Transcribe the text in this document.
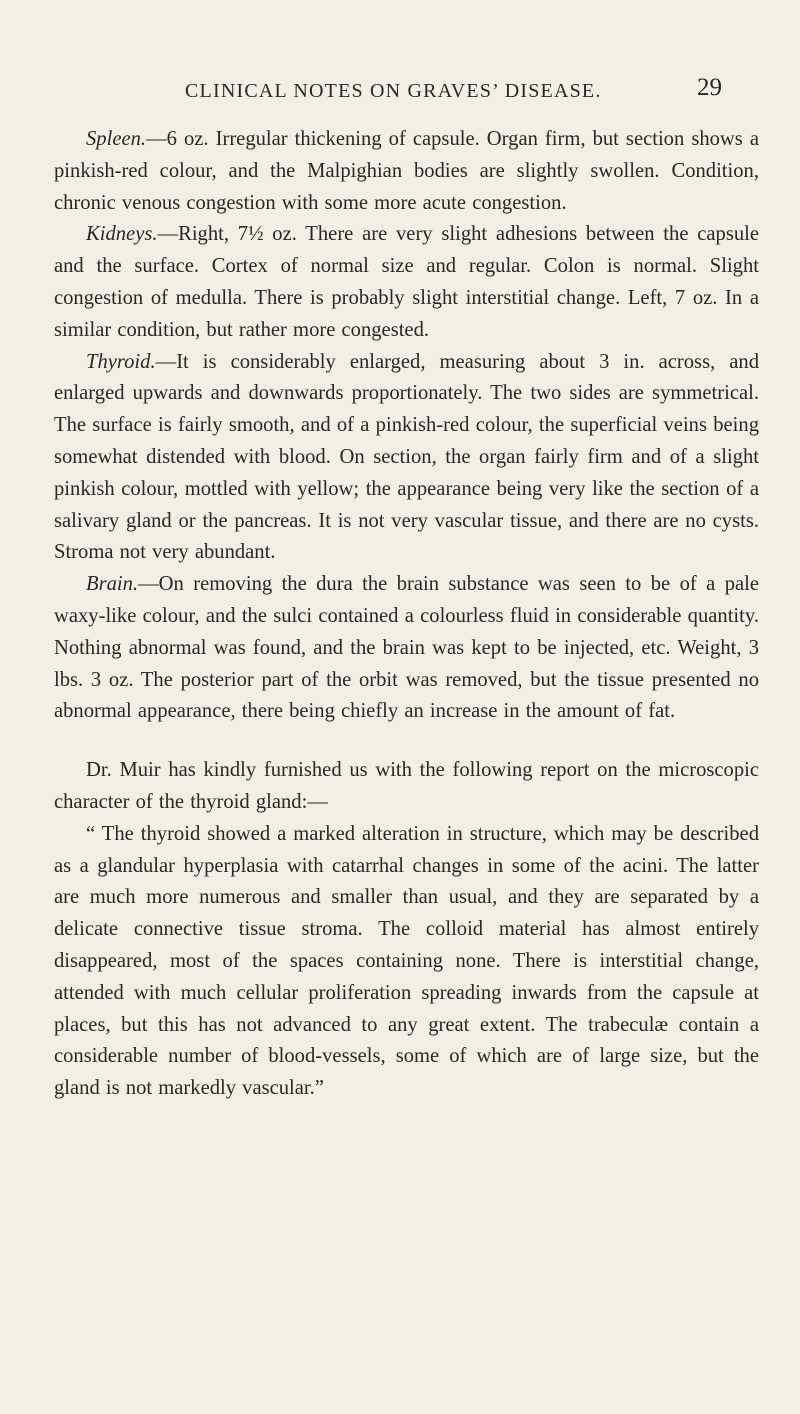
CLINICAL NOTES ON GRAVES’ DISEASE.	29

Spleen.—6 oz. Irregular thickening of capsule. Organ firm, but section shows a pinkish-red colour, and the Malpighian bodies are slightly swollen. Condition, chronic venous congestion with some more acute congestion.

Kidneys.—Right, 7½ oz. There are very slight adhesions between the capsule and the surface. Cortex of normal size and regular. Colon is normal. Slight congestion of medulla. There is probably slight interstitial change. Left, 7 oz. In a similar condition, but rather more congested.

Thyroid.—It is considerably enlarged, measuring about 3 in. across, and enlarged upwards and downwards proportionately. The two sides are symmetrical. The surface is fairly smooth, and of a pinkish-red colour, the superficial veins being somewhat distended with blood. On section, the organ fairly firm and of a slight pinkish colour, mottled with yellow; the appearance being very like the section of a salivary gland or the pancreas. It is not very vascular tissue, and there are no cysts. Stroma not very abundant.

Brain.—On removing the dura the brain substance was seen to be of a pale waxy-like colour, and the sulci contained a colourless fluid in considerable quantity. Nothing abnormal was found, and the brain was kept to be injected, etc. Weight, 3 lbs. 3 oz. The posterior part of the orbit was removed, but the tissue presented no abnormal appearance, there being chiefly an increase in the amount of fat.

Dr. Muir has kindly furnished us with the following report on the microscopic character of the thyroid gland:—

“ The thyroid showed a marked alteration in structure, which may be described as a glandular hyperplasia with catarrhal changes in some of the acini. The latter are much more numerous and smaller than usual, and they are separated by a delicate connective tissue stroma. The colloid material has almost entirely disappeared, most of the spaces containing none. There is interstitial change, attended with much cellular proliferation spreading inwards from the capsule at places, but this has not advanced to any great extent. The trabeculæ contain a considerable number of blood-vessels, some of which are of large size, but the gland is not markedly vascular.”
